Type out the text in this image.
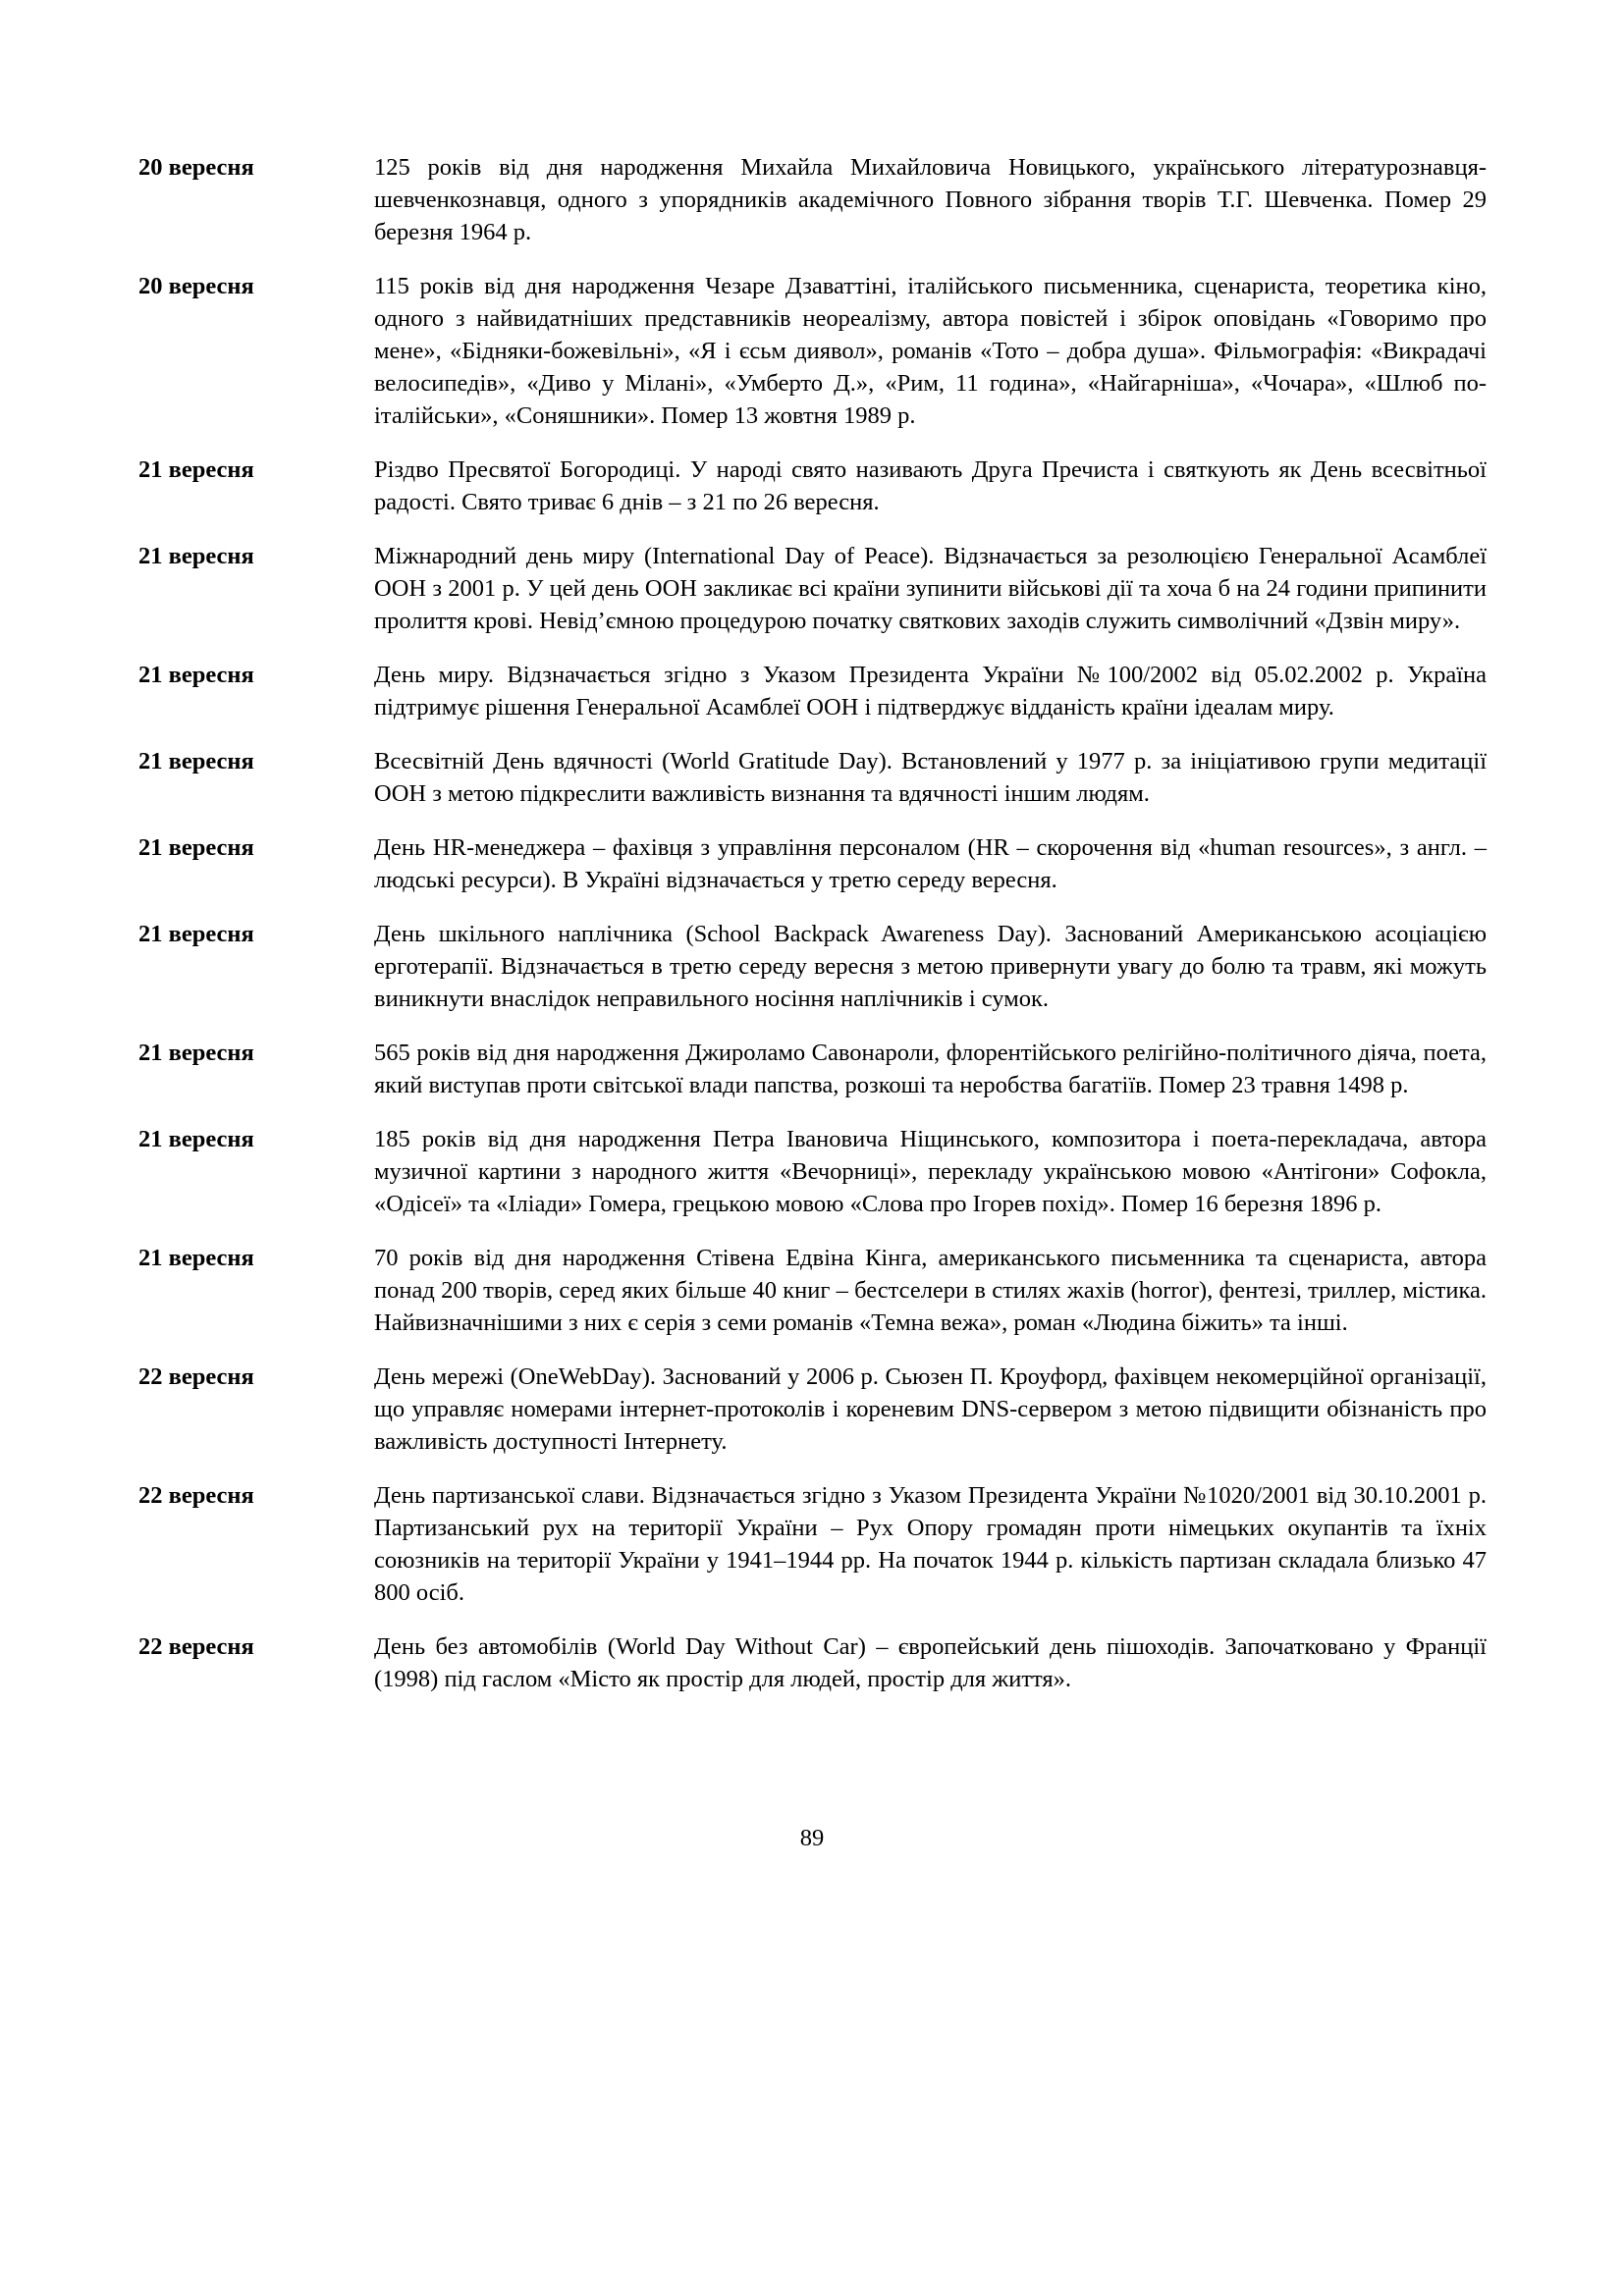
20 вересня	125 років від дня народження Михайла Михайловича Новицького, українського літературознавця-шевченкознавця, одного з упорядників академічного Повного зібрання творів Т.Г. Шевченка. Помер 29 березня 1964 р.
20 вересня	115 років від дня народження Чезаре Дзаваттіні, італійського письменника, сценариста, теоретика кіно, одного з найвидатніших представників неореалізму, автора повістей і збірок оповідань «Говоримо про мене», «Бідняки-божевільні», «Я і єсьм диявол», романів «Тото – добра душа». Фільмографія: «Викрадачі велосипедів», «Диво у Мілані», «Умберто Д.», «Рим, 11 година», «Найгарніша», «Чочара», «Шлюб по-італійськи», «Соняшники». Помер 13 жовтня 1989 р.
21 вересня	Різдво Пресвятої Богородиці. У народі свято називають Друга Пречиста і святкують як День всесвітньої радості. Свято триває 6 днів – з 21 по 26 вересня.
21 вересня	Міжнародний день миру (International Day of Peace). Відзначається за резолюцією Генеральної Асамблеї ООН з 2001 р. У цей день ООН закликає всі країни зупинити військові дії та хоча б на 24 години припинити пролиття крові. Невід’ємною процедурою початку святкових заходів служить символічний «Дзвін миру».
21 вересня	День миру. Відзначається згідно з Указом Президента України №100/2002 від 05.02.2002 р. Україна підтримує рішення Генеральної Асамблеї ООН і підтверджує відданість країни ідеалам миру.
21 вересня	Всесвітній День вдячності (World Gratitude Day). Встановлений у 1977 р. за ініціативою групи медитації ООН з метою підкреслити важливість визнання та вдячності іншим людям.
21 вересня	День HR-менеджера – фахівця з управління персоналом (HR – скорочення від «human resources», з англ. – людські ресурси). В Україні відзначається у третю середу вересня.
21 вересня	День шкільного наплічника (School Backpack Awareness Day). Заснований Американською асоціацією ерготерапії. Відзначається в третю середу вересня з метою привернути увагу до болю та травм, які можуть виникнути внаслідок неправильного носіння наплічників і сумок.
21 вересня	565 років від дня народження Джироламо Савонароли, флорентійського релігійно-політичного діяча, поета, який виступав проти світської влади папства, розкоші та неробства багатіїв. Помер 23 травня 1498 р.
21 вересня	185 років від дня народження Петра Івановича Ніщинського, композитора і поета-перекладача, автора музичної картини з народного життя «Вечорниці», перекладу українською мовою «Антігони» Софокла, «Одісеї» та «Іліади» Гомера, грецькою мовою «Слова про Ігорев похід». Помер 16 березня 1896 р.
21 вересня	70 років від дня народження Стівена Едвіна Кінга, американського письменника та сценариста, автора понад 200 творів, серед яких більше 40 книг – бестселери в стилях жахів (horror), фентезі, триллер, містика. Найвизначнішими з них є серія з семи романів «Темна вежа», роман «Людина біжить» та інші.
22 вересня	День мережі (OneWebDay). Заснований у 2006 р. Сьюзен П. Кроуфорд, фахівцем некомерційної організації, що управляє номерами інтернет-протоколів і кореневим DNS-сервером з метою підвищити обізнаність про важливість доступності Інтернету.
22 вересня	День партизанської слави. Відзначається згідно з Указом Президента України №1020/2001 від 30.10.2001 р. Партизанський рух на території України – Рух Опору громадян проти німецьких окупантів та їхніх союзників на території України у 1941–1944 рр. На початок 1944 р. кількість партизан складала близько 47 800 осіб.
22 вересня	День без автомобілів (World Day Without Car) – європейський день пішоходів. Започатковано у Франції (1998) під гаслом «Місто як простір для людей, простір для життя».
89
